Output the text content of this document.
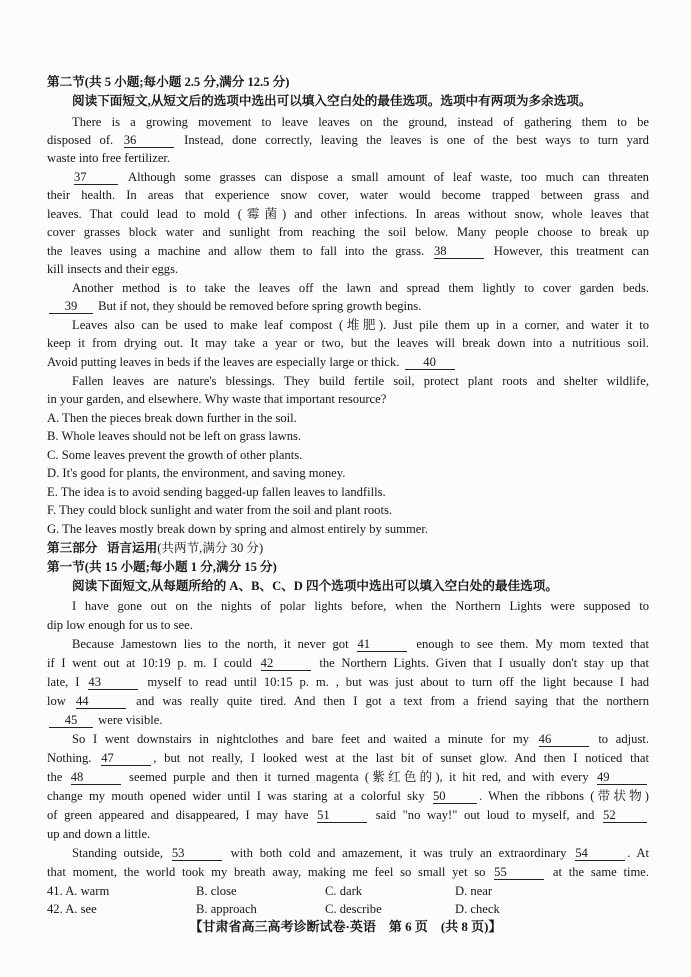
第二节(共 5 小题;每小题 2.5 分,满分 12.5 分)
阅读下面短文,从短文后的选项中选出可以填入空白处的最佳选项。选项中有两项为多余选项。
There is a growing movement to leave leaves on the ground, instead of gathering them to be
disposed of. 36	Instead, done correctly, leaving the leaves is one of the best ways to turn yard
waste into free fertilizer.
37	Although some grasses can dispose a small amount of leaf waste, too much can threaten
their health. In areas that experience snow cover, water would become trapped between grass and
leaves. That could lead to mold (霉菌) and other infections. In areas without snow, whole leaves that
cover grasses block water and sunlight from reaching the soil below. Many people choose to break up
the leaves using a machine and allow them to fall into the grass. 38	However, this treatment can
kill insects and their eggs.
Another method is to take the leaves off the lawn and spread them lightly to cover garden beds.
39 But if not, they should be removed before spring growth begins.
Leaves also can be used to make leaf compost (堆肥). Just pile them up in a corner, and water it to
keep it from drying out. It may take a year or two, but the leaves will break down into a nutritious soil.
Avoid putting leaves in beds if the leaves are especially large or thick. 40
Fallen leaves are nature's blessings. They build fertile soil, protect plant roots and shelter wildlife,
in your garden, and elsewhere. Why waste that important resource?
A. Then the pieces break down further in the soil.
B. Whole leaves should not be left on grass lawns.
C. Some leaves prevent the growth of other plants.
D. It's good for plants, the environment, and saving money.
E. The idea is to avoid sending bagged-up fallen leaves to landfills.
F. They could block sunlight and water from the soil and plant roots.
G. The leaves mostly break down by spring and almost entirely by summer.
第三部分 语言运用(共两节,满分 30 分)
第一节(共 15 小题;每小题 1 分,满分 15 分)
阅读下面短文,从每题所给的 A、B、C、D 四个选项中选出可以填入空白处的最佳选项。
I have gone out on the nights of polar lights before, when the Northern Lights were supposed to
dip low enough for us to see.
Because Jamestown lies to the north, it never got 41	enough to see them. My mom texted that
if I went out at 10:19 p. m. I could 42	the Northern Lights. Given that I usually don't stay up that
late, I 43	myself to read until 10:15 p. m. , but was just about to turn off the light because I had
low 44	and was really quite tired. And then I got a text from a friend saying that the northern
45 were visible.
So I went downstairs in nightclothes and bare feet and waited a minute for my 46	to adjust.
Nothing. 47	, but not really, I looked west at the last bit of sunset glow. And then I noticed that
the 48	seemed purple and then it turned magenta (紫红色的), it hit red, and with every 49
change my mouth opened wider until I was staring at a colorful sky 50	. When the ribbons (带状物)
of green appeared and disappeared, I may have 51	said "no way!" out loud to myself, and 52
up and down a little.
Standing outside, 53	with both cold and amazement, it was truly an extraordinary 54	. At
that moment, the world took my breath away, making me feel so small yet so 55	at the same time.
41. A. warm	B. close	C. dark	D. near
42. A. see	B. approach	C. describe	D. check
【甘肃省高三高考诊断试卷·英语　第 6 页　(共 8 页)】
